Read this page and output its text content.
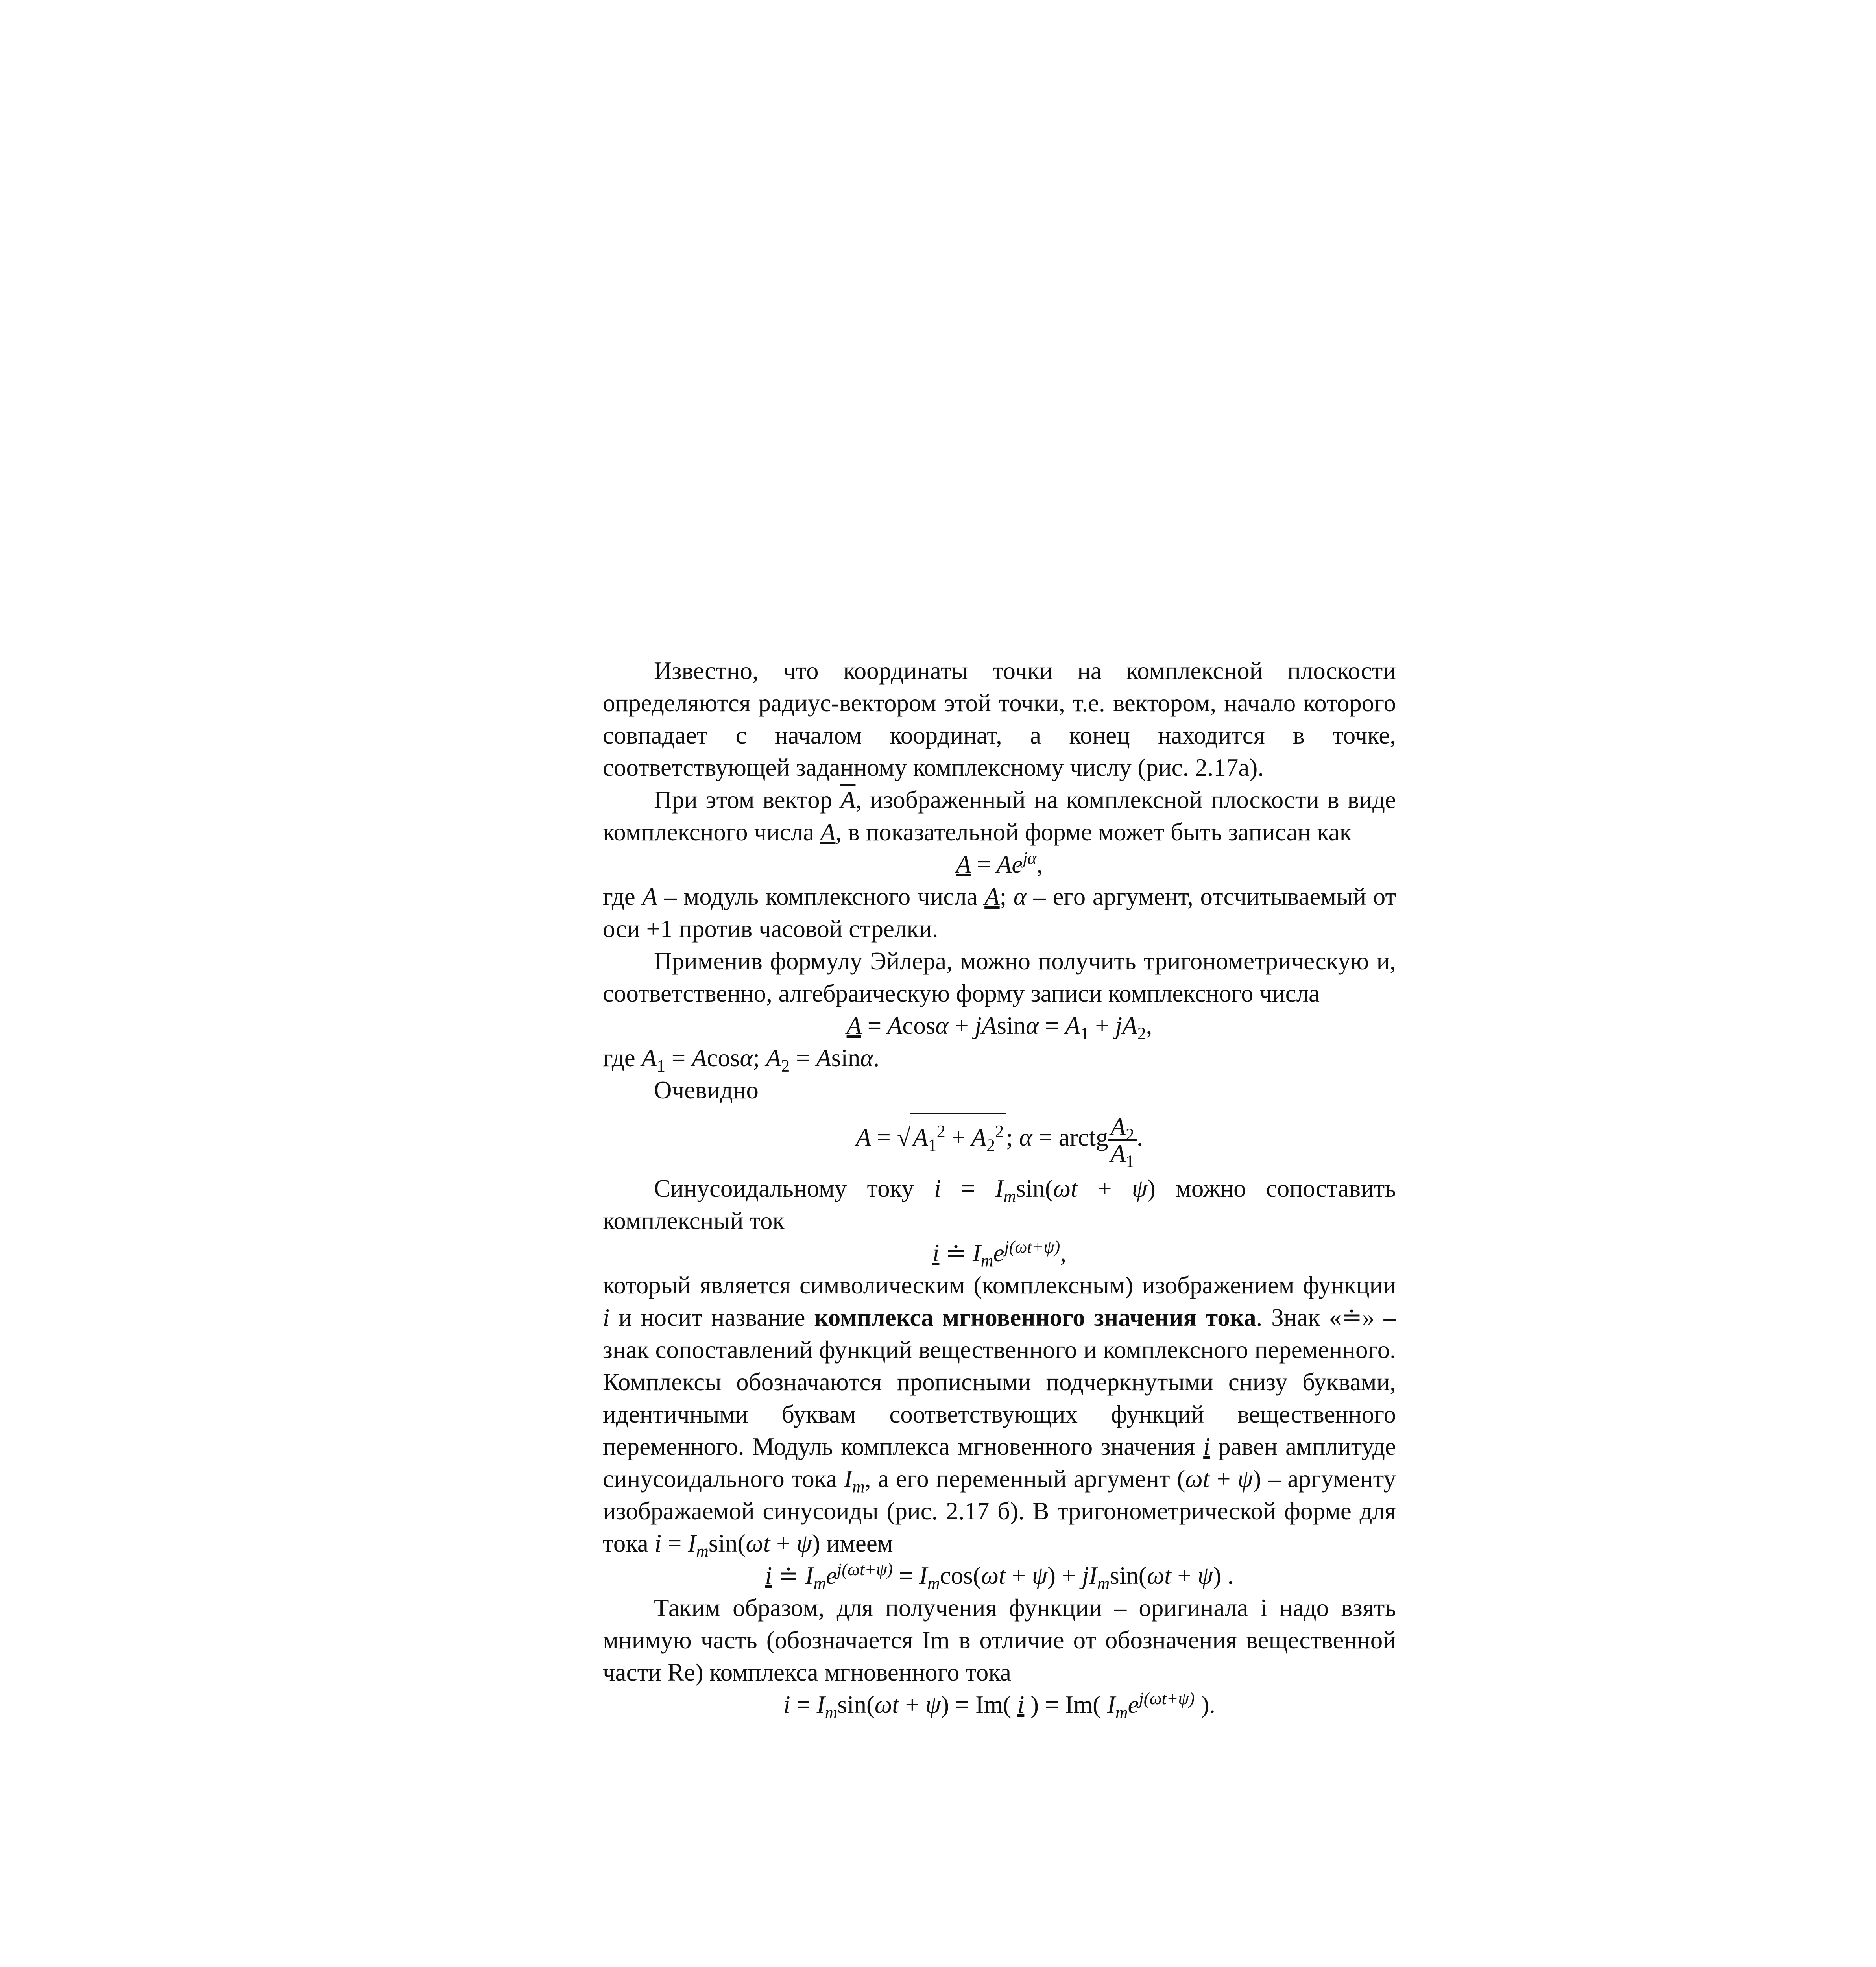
Известно, что координаты точки на комплексной плоскости определяются радиус-вектором этой точки, т.е. вектором, начало которого совпадает с началом координат, а конец находится в точке, соответствующей заданному комплексному числу (рис. 2.17а).

При этом вектор $\overline{A}$, изображенный на комплексной плоскости в виде комплексного числа A, в показательной форме может быть записан как

$A = Ae^{j\alpha}$,

где A – модуль комплексного числа A; α – его аргумент, отсчитываемый от оси +1 против часовой стрелки.

Применив формулу Эйлера, можно получить тригонометрическую и, соответственно, алгебраическую форму записи комплексного числа

$A = Acos\alpha + jAsin\alpha = A_1 + jA_2$,

где $A_1 = Acos\alpha$; $A_2 = Asin\alpha$.

Очевидно

$A = √A_1^2 + A_2^2$; α = arctg $\frac{A_2}{A_1}$ .

Синусоидальному току $i = I_m\sin(\omega t + \psi)$ можно сопоставить комплексный ток

i ≐ $I_me^{j(\omega t+\psi)}$,

который является символическим (комплексным) изображением функции i и носит название комплекса мгновенного значения тока. Знак «≐» – знак сопоставлений функций вещественного и комплексного переменного. Комплексы обозначаются прописными подчеркнутыми снизу буквами, идентичными буквам соответствующих функций вещественного переменного. Модуль комплекса мгновенного значения i равен амплитуде синусоидального тока $I_m$, а его переменный аргумент (ωt + ψ) – аргументу изображаемой синусоиды (рис. 2.17 б). В тригонометрической форме для тока $i = I_m\sin(\omega t + \psi)$ имеем

i ≐ $I_me^{j(\omega t+\psi)} = I_m\cos(\omega t + \psi) + jI_m\sin(\omega t + \psi)$ .

Таким образом, для получения функции – оригинала i надо взять мнимую часть (обозначается Im в отличие от обозначения вещественной части Re) комплекса мгновенного тока

$i = I_m\sin(\omega t + \psi) = Im$( i ) = Im( $I_me^{j(\omega t+\psi)}$ ).
